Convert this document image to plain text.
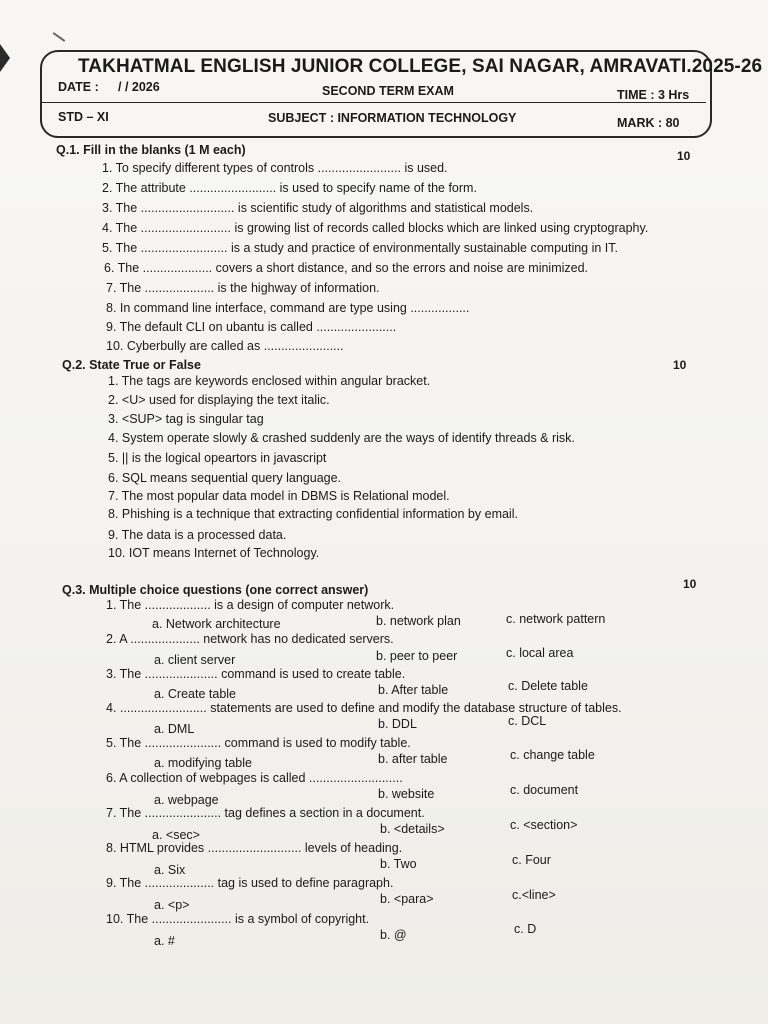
TAKHATMAL ENGLISH JUNIOR COLLEGE, SAI NAGAR, AMRAVATI.2025-26
DATE : / / 2026	SECOND TERM EXAM	TIME : 3 Hrs
STD – XI	SUBJECT : INFORMATION TECHNOLOGY	MARK : 80
Q.1. Fill in the blanks (1 M each)	10
1. To specify different types of controls ........................ is used.
2. The attribute ......................... is used to specify name of the form.
3. The ........................... is scientific study of algorithms and statistical models.
4. The .......................... is growing list of records called blocks which are linked using cryptography.
5. The ......................... is a study and practice of environmentally sustainable computing in IT.
6. The .................... covers a short distance, and so the errors and noise are minimized.
7. The .................... is the highway of information.
8. In command line interface, command are type using .................
9. The default CLI on ubantu is called .......................
10. Cyberbully are called as .......................
Q.2. State True or False	10
1. The tags are keywords enclosed within angular bracket.
2. <U> used for displaying the text italic.
3. <SUP> tag is singular tag
4. System operate slowly & crashed suddenly are the ways of identify threads & risk.
5. || is the logical opeartors in javascript
6. SQL means sequential query language.
7. The most popular data model in DBMS is Relational model.
8. Phishing is a technique that extracting confidential information by email.
9. The data is a processed data.
10. IOT means Internet of Technology.
Q.3. Multiple choice questions (one correct answer)	10
1. The ................... is a design of computer network.
a. Network architecture	b. network plan	c. network pattern
2. A .................... network has no dedicated servers.
a. client server	b. peer to peer	c. local area
3. The ..................... command is used to create table.
a. Create table	b. After table	c. Delete table
4. ......................... statements are used to define and modify the database structure of tables.
a. DML	b. DDL	c. DCL
5. The ...................... command is used to modify table.
a. modifying table	b. after table	c. change table
6. A collection of webpages is called ...........................
a. webpage	b. website	c. document
7. The ...................... tag defines a section in a document.
a. <sec>	b. <details>	c. <section>
8. HTML provides ........................... levels of heading.
a. Six	b. Two	c. Four
9. The .................... tag is used to define paragraph.
a. <p>	b. <para>	c.<line>
10. The ....................... is a symbol of copyright.
a. #	b. @	c. D
